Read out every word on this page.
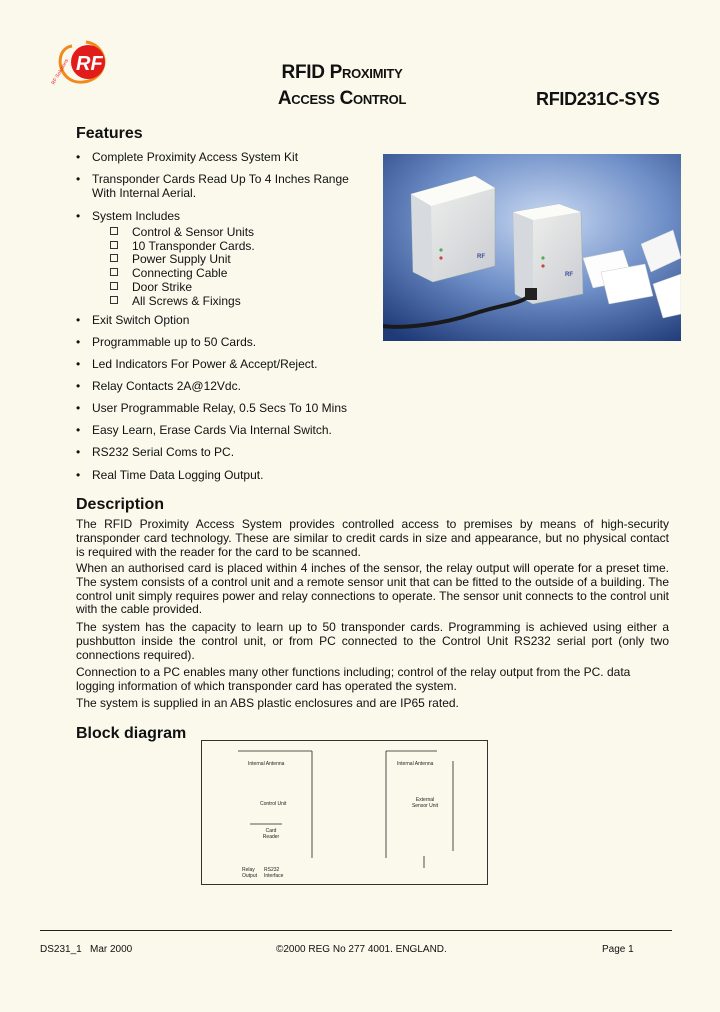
RF
RF Solutions	RFID Proximity
Access Control	RFID231C-SYS
Features
• Complete Proximity Access System Kit
• Transponder Cards Read Up To 4 Inches Range With Internal Aerial.
• System Includes
Control & Sensor Units
10 Transponder Cards.
Power Supply Unit
Connecting Cable
Door Strike
All Screws & Fixings
• Exit Switch Option
• Programmable up to 50 Cards.
• Led Indicators For Power & Accept/Reject.
• Relay Contacts 2A@12Vdc.
• User Programmable Relay, 0.5 Secs To 10 Mins
• Easy Learn, Erase Cards Via Internal Switch.
• RS232 Serial Coms to PC.
• Real Time Data Logging Output.
RF
RF
Description
The RFID Proximity Access System provides controlled access to premises by means of high-security transponder card technology. These are similar to credit cards in size and appearance, but no physical contact is required with the reader for the card to be scanned.
When an authorised card is placed within 4 inches of the sensor, the relay output will operate for a preset time. The system consists of a control unit and a remote sensor unit that can be fitted to the outside of a building. The control unit simply requires power and relay connections to operate. The sensor unit connects to the control unit with the cable provided.
The system has the capacity to learn up to 50 transponder cards. Programming is achieved using either a pushbutton inside the control unit, or from PC connected to the Control Unit RS232 serial port (only two connections required).
Connection to a PC enables many other functions including; control of the relay output from the PC. data logging information of which transponder card has operated the system.
The system is supplied in an ABS plastic enclosures and are IP65 rated.
Block diagram
Internal Antenna
Control Unit
Card Reader
Relay Output
RS232 Interface
Internal Antenna
External Sensor Unit
DS231_1 Mar 2000	©2000 REG No 277 4001. ENGLAND.	Page 1
